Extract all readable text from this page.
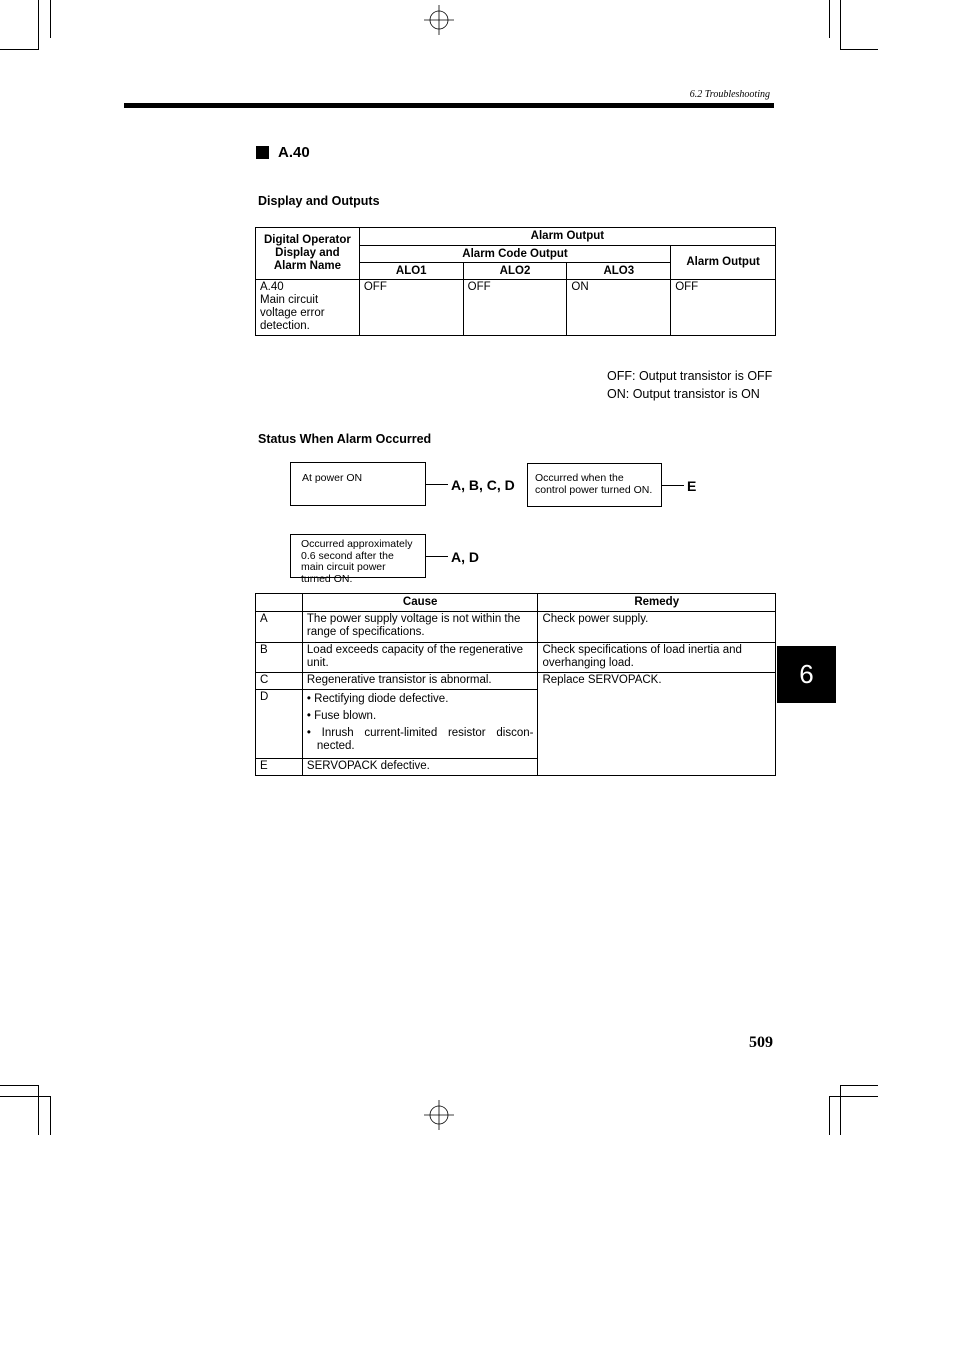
6.2 Troubleshooting
A.40
Display and Outputs
Digital Operator Display and Alarm Name	Alarm Output			
	Alarm Code Output			Alarm Output
	ALO1	ALO2	ALO3	
A.40
Main circuit voltage error detection.	OFF	OFF	ON	OFF
OFF: Output transistor is OFF
ON: Output transistor is ON
Status When Alarm Occurred
At power ON	A, B, C, D	Occurred when the control power turned ON.	E
Occurred approximately 0.6 second after the main circuit power turned ON.
A, D
	Cause	Remedy
A	The power supply voltage is not within the range of specifications.	Check power supply.
B	Load exceeds capacity of the regenerative unit.	Check specifications of load inertia and overhanging load.
C	Regenerative transistor is abnormal.	Replace SERVOPACK.
D	• Rectifying diode defective.
• Fuse blown.
• Inrush current-limited resistor discon-nected.	

E	SERVOPACK defective.	
6
509
